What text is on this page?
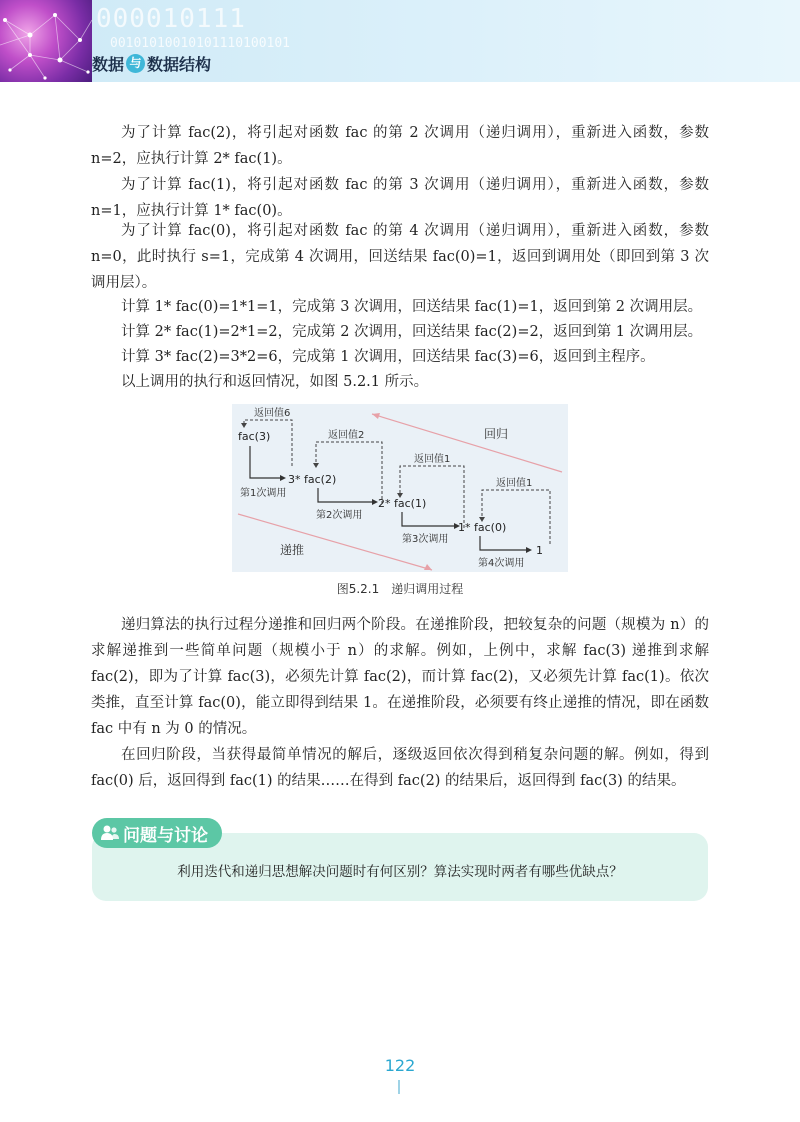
000010111
00101010010101110100101
数据 与 数据结构

为了计算 fac(2)，将引起对函数 fac 的第 2 次调用（递归调用），重新进入函数，参数 n=2，应执行计算 2* fac(1)。

为了计算 fac(1)，将引起对函数 fac 的第 3 次调用（递归调用），重新进入函数，参数 n=1，应执行计算 1* fac(0)。

为了计算 fac(0)，将引起对函数 fac 的第 4 次调用（递归调用），重新进入函数，参数 n=0，此时执行 s=1，完成第 4 次调用，回送结果 fac(0)=1，返回到调用处（即回到第 3 次调用层）。

计算 1* fac(0)=1*1=1，完成第 3 次调用，回送结果 fac(1)=1，返回到第 2 次调用层。

计算 2* fac(1)=2*1=2，完成第 2 次调用，回送结果 fac(2)=2，返回到第 1 次调用层。

计算 3* fac(2)=3*2=6，完成第 1 次调用，回送结果 fac(3)=6，返回到主程序。

以上调用的执行和返回情况，如图 5.2.1 所示。

返回值6
返回值2
返回值1
返回值1
fac(3)
3* fac(2)
2* fac(1)
1* fac(0)
1
第1次调用
第2次调用
第3次调用
第4次调用
回归
递推
图5.2.1　递归调用过程

递归算法的执行过程分递推和回归两个阶段。在递推阶段，把较复杂的问题（规模为 n）的求解递推到一些简单问题（规模小于 n）的求解。例如，上例中，求解 fac(3) 递推到求解 fac(2)，即为了计算 fac(3)，必须先计算 fac(2)，而计算 fac(2)，又必须先计算 fac(1)。依次类推，直至计算 fac(0)，能立即得到结果 1。在递推阶段，必须要有终止递推的情况，即在函数 fac 中有 n 为 0 的情况。

在回归阶段，当获得最简单情况的解后，逐级返回依次得到稍复杂问题的解。例如，得到 fac(0) 后，返回得到 fac(1) 的结果……在得到 fac(2) 的结果后，返回得到 fac(3) 的结果。

问题与讨论
利用迭代和递归思想解决问题时有何区别？算法实现时两者有哪些优缺点？
122
